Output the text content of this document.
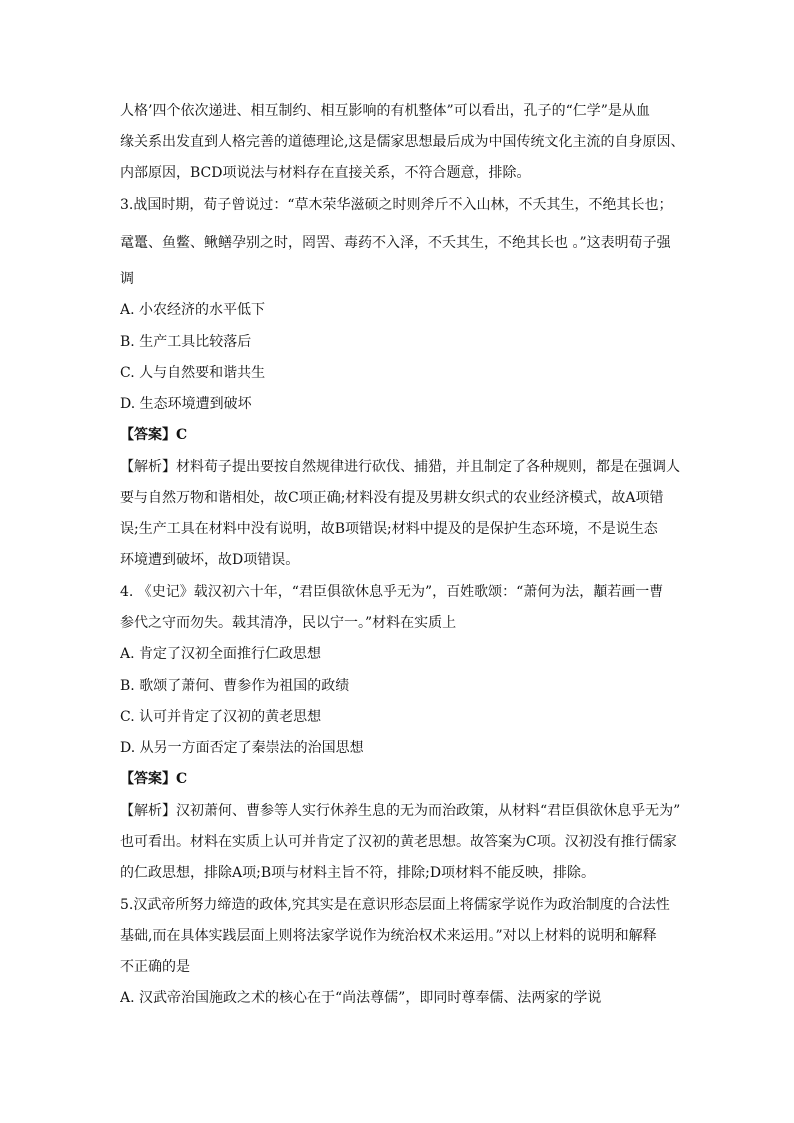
人格’四个依次递进、相互制约、相互影响的有机整体”可以看出，孔子的“仁学”是从血
缘关系出发直到人格完善的道德理论,这是儒家思想最后成为中国传统文化主流的自身原因、
内部原因，BCD项说法与材料存在直接关系，不符合题意，排除。
3.战国时期，荀子曾说过：“草木荣华滋硕之时则斧斤不入山林，不夭其生，不绝其长也；
鼋鼍、鱼鳖、鳅鳝孕别之时，罔罟、毒药不入泽，不夭其生，不绝其长也 。”这表明荀子强
调
A. 小农经济的水平低下
B. 生产工具比较落后
C. 人与自然要和谐共生
D. 生态环境遭到破坏
【答案】C
【解析】材料荀子提出要按自然规律进行砍伐、捕猎，并且制定了各种规则，都是在强调人
要与自然万物和谐相处，故C项正确;材料没有提及男耕女织式的农业经济模式，故A项错
误;生产工具在材料中没有说明，故B项错误;材料中提及的是保护生态环境，不是说生态
环境遭到破坏，故D项错误。
4. 《史记》载汉初六十年，“君臣俱欲休息乎无为”，百姓歌颂：“萧何为法，顜若画一曹
参代之守而勿失。载其清净，民以宁一。”材料在实质上
A. 肯定了汉初全面推行仁政思想
B. 歌颂了萧何、曹参作为祖国的政绩
C. 认可并肯定了汉初的黄老思想
D. 从另一方面否定了秦崇法的治国思想
【答案】C
【解析】汉初萧何、曹参等人实行休养生息的无为而治政策，从材料“君臣俱欲休息乎无为”
也可看出。材料在实质上认可并肯定了汉初的黄老思想。故答案为C项。汉初没有推行儒家
的仁政思想，排除A项;B项与材料主旨不符，排除;D项材料不能反映，排除。
5.汉武帝所努力缔造的政体,究其实是在意识形态层面上将儒家学说作为政治制度的合法性
基础,而在具体实践层面上则将法家学说作为统治权术来运用。”对以上材料的说明和解释
不正确的是
A. 汉武帝治国施政之术的核心在于“尚法尊儒”，即同时尊奉儒、法两家的学说
